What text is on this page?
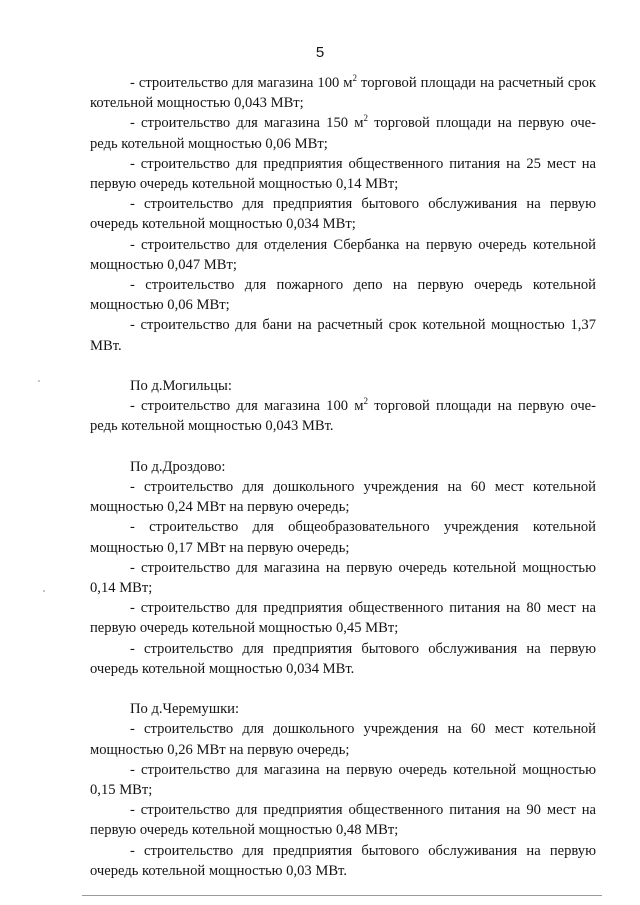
5

- строительство для магазина 100 $м^2$ торговой площади на расчетный срок котельной мощностью 0,043 МВт;

- строительство для магазина 150 $м^2$ торговой площади на первую оче-редь котельной мощностью 0,06 МВт;

- строительство для предприятия общественного питания на 25 мест на первую очередь котельной мощностью 0,14 МВт;

- строительство для предприятия бытового обслуживания на первую очередь котельной мощностью 0,034 МВт;

- строительство для отделения Сбербанка на первую очередь котельной мощностью 0,047 МВт;

- строительство для пожарного депо на первую очередь котельной мощностью 0,06 МВт;

- строительство для бани на расчетный срок котельной мощностью 1,37 МВт.

По д.Могильцы:

- строительство для магазина 100 $м^2$ торговой площади на первую оче-редь котельной мощностью 0,043 МВт.

По д.Дроздово:

- строительство для дошкольного учреждения на 60 мест котельной мощностью 0,24 МВт на первую очередь;

- строительство для общеобразовательного учреждения котельной мощностью 0,17 МВт на первую очередь;

- строительство для магазина на первую очередь котельной мощностью 0,14 МВт;

- строительство для предприятия общественного питания на 80 мест на первую очередь котельной мощностью 0,45 МВт;

- строительство для предприятия бытового обслуживания на первую очередь котельной мощностью 0,034 МВт.

По д.Черемушки:

- строительство для дошкольного учреждения на 60 мест котельной мощностью 0,26 МВт на первую очередь;

- строительство для магазина на первую очередь котельной мощностью 0,15 МВт;

- строительство для предприятия общественного питания на 90 мест на первую очередь котельной мощностью 0,48 МВт;

- строительство для предприятия бытового обслуживания на первую очередь котельной мощностью 0,03 МВт.
